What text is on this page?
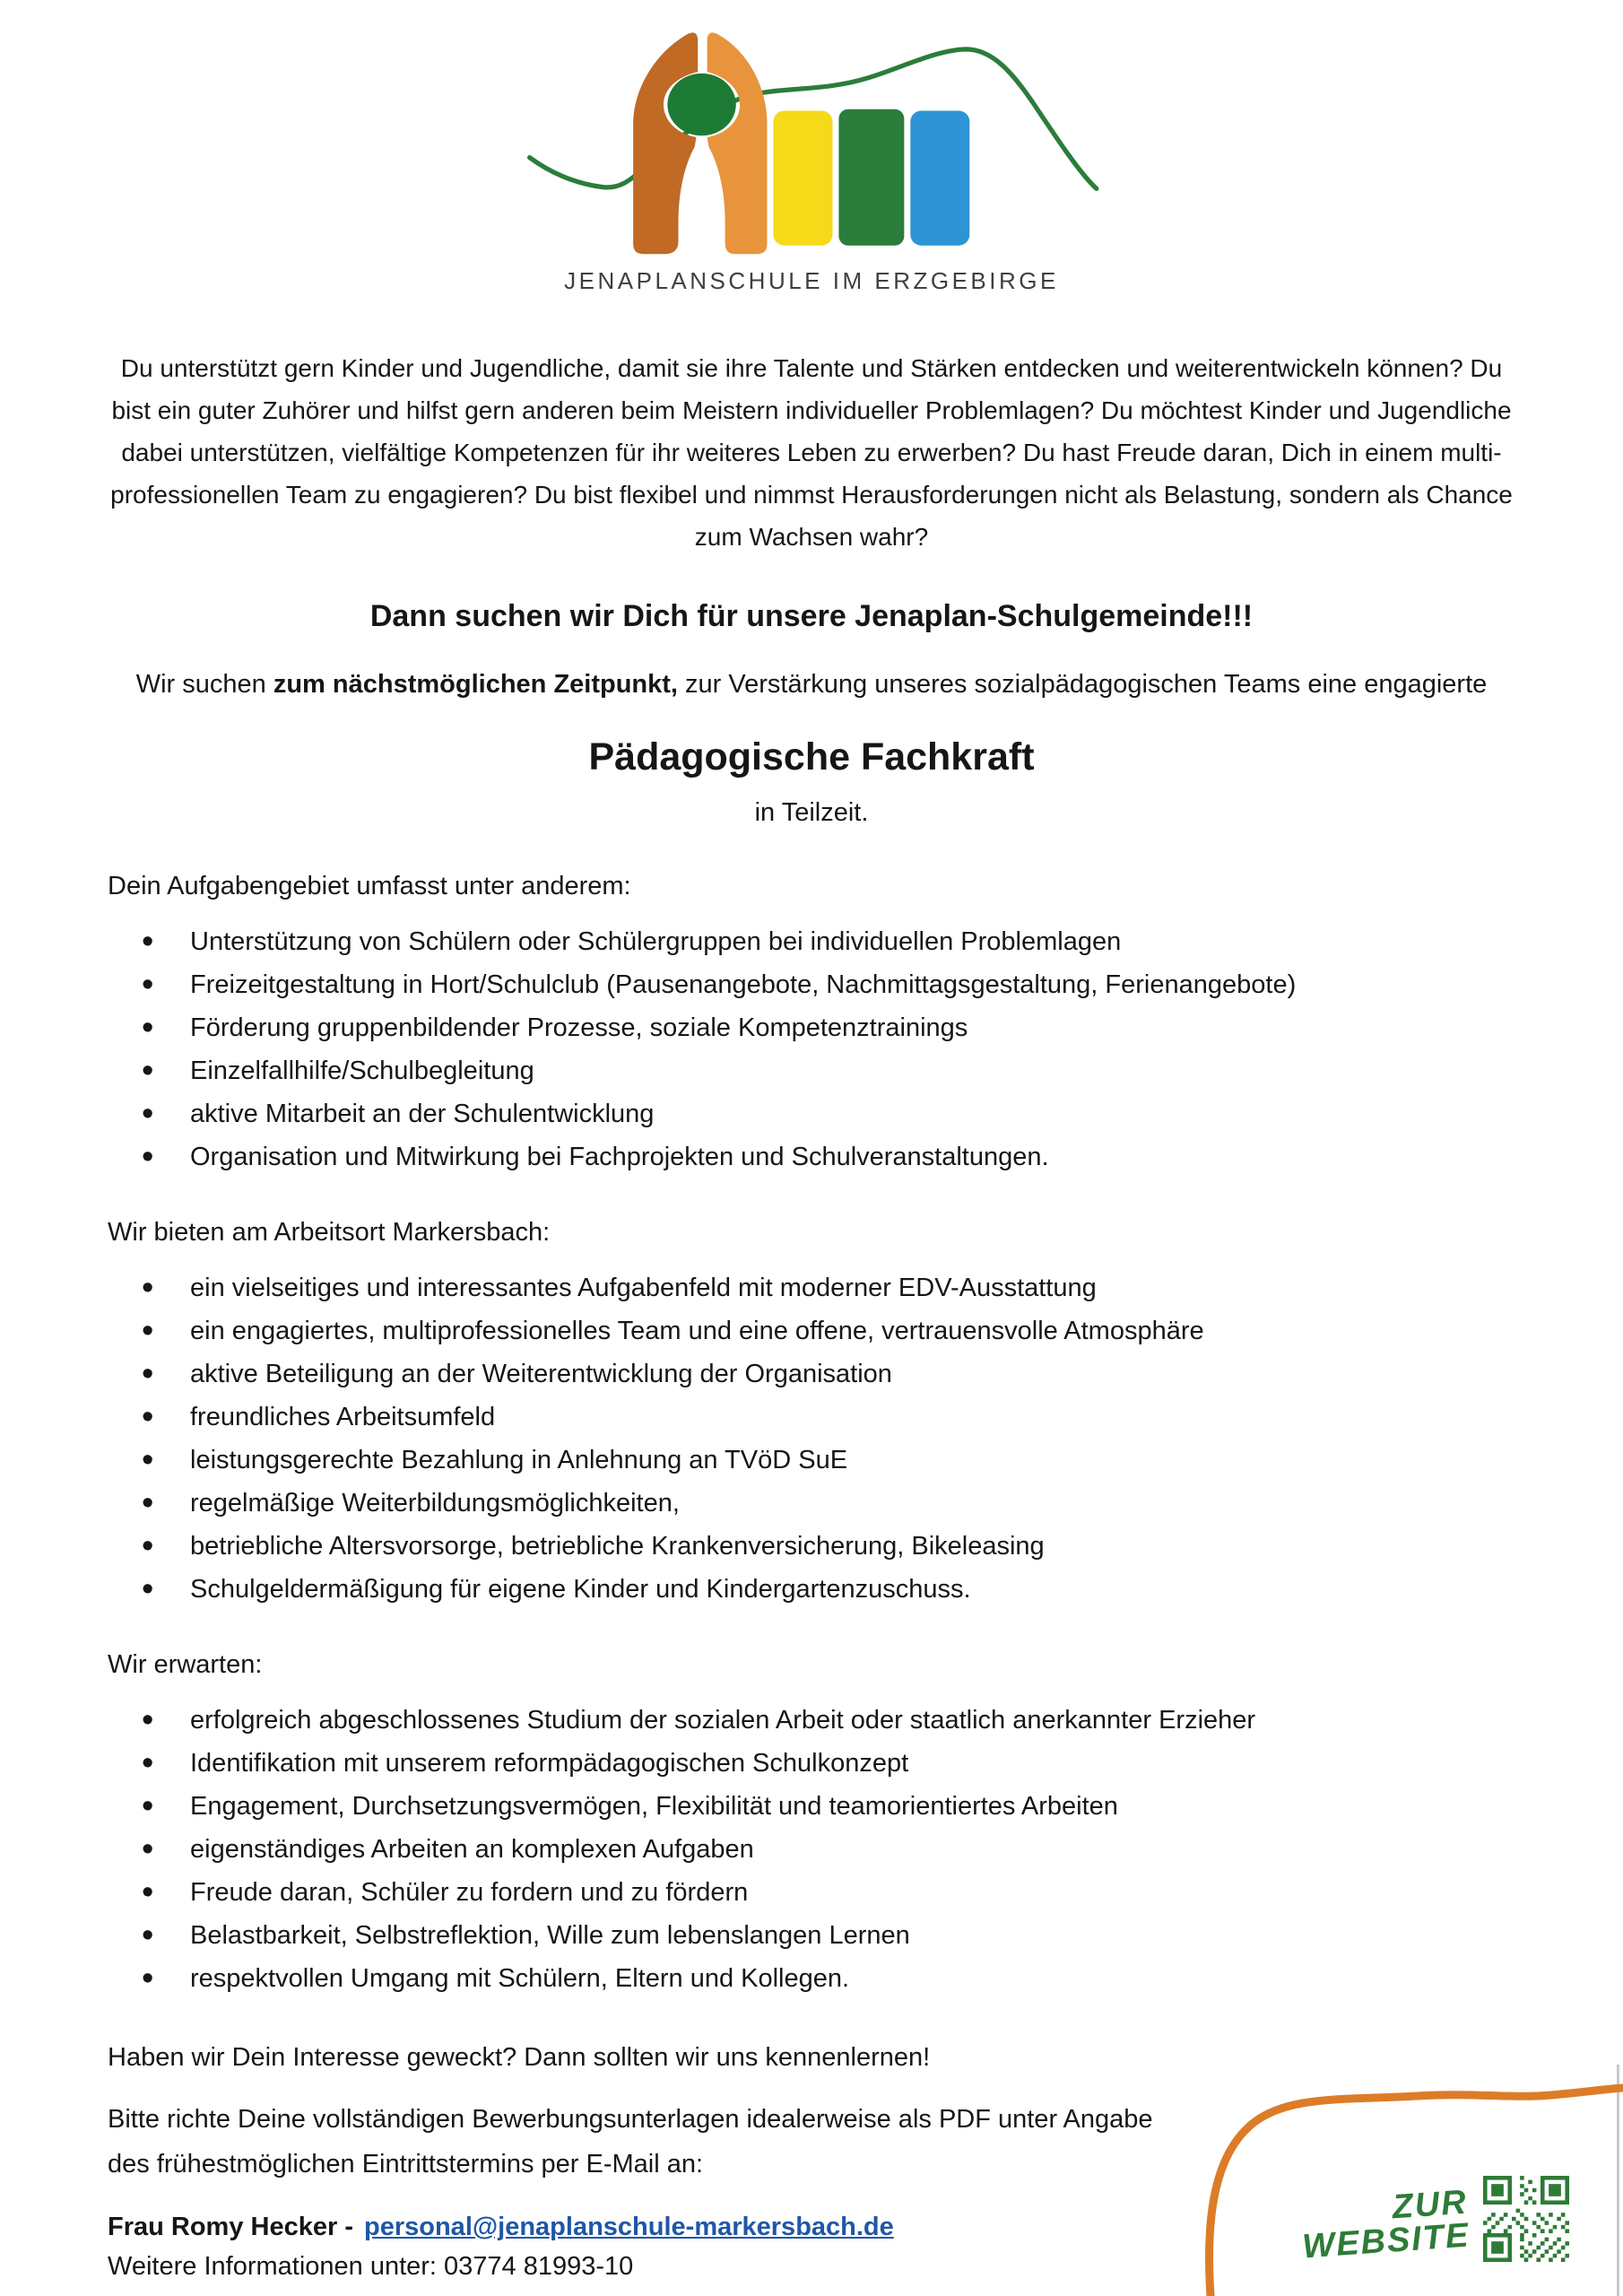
JENAPLANSCHULE IM ERZGEBIRGE
Du unterstützt gern Kinder und Jugendliche, damit sie ihre Talente und Stärken entdecken und weiterentwickeln können? Du
bist ein guter Zuhörer und hilfst gern anderen beim Meistern individueller Problemlagen? Du möchtest Kinder und Jugendliche
dabei unterstützen, vielfältige Kompetenzen für ihr weiteres Leben zu erwerben? Du hast Freude daran, Dich in einem multi-
professionellen Team zu engagieren? Du bist flexibel und nimmst Herausforderungen nicht als Belastung, sondern als Chance
zum Wachsen wahr?
Dann suchen wir Dich für unsere Jenaplan-Schulgemeinde!!!

Wir suchen zum nächstmöglichen Zeitpunkt, zur Verstärkung unseres sozialpädagogischen Teams eine engagierte

Pädagogische Fachkraft

in Teilzeit.

Dein Aufgabengebiet umfasst unter anderem:
• Unterstützung von Schülern oder Schülergruppen bei individuellen Problemlagen
• Freizeitgestaltung in Hort/Schulclub (Pausenangebote, Nachmittagsgestaltung, Ferienangebote)
• Förderung gruppenbildender Prozesse, soziale Kompetenztrainings
• Einzelfallhilfe/Schulbegleitung
• aktive Mitarbeit an der Schulentwicklung
• Organisation und Mitwirkung bei Fachprojekten und Schulveranstaltungen.
Wir bieten am Arbeitsort Markersbach:
• ein vielseitiges und interessantes Aufgabenfeld mit moderner EDV-Ausstattung
• ein engagiertes, multiprofessionelles Team und eine offene, vertrauensvolle Atmosphäre
• aktive Beteiligung an der Weiterentwicklung der Organisation
• freundliches Arbeitsumfeld
• leistungsgerechte Bezahlung in Anlehnung an TVöD SuE
• regelmäßige Weiterbildungsmöglichkeiten,
• betriebliche Altersvorsorge, betriebliche Krankenversicherung, Bikeleasing
• Schulgeldermäßigung für eigene Kinder und Kindergartenzuschuss.
Wir erwarten:
• erfolgreich abgeschlossenes Studium der sozialen Arbeit oder staatlich anerkannter Erzieher
• Identifikation mit unserem reformpädagogischen Schulkonzept
• Engagement, Durchsetzungsvermögen, Flexibilität und teamorientiertes Arbeiten
• eigenständiges Arbeiten an komplexen Aufgaben
• Freude daran, Schüler zu fordern und zu fördern
• Belastbarkeit, Selbstreflektion, Wille zum lebenslangen Lernen
• respektvollen Umgang mit Schülern, Eltern und Kollegen.

Haben wir Dein Interesse geweckt? Dann sollten wir uns kennenlernen!

Bitte richte Deine vollständigen Bewerbungsunterlagen idealerweise als PDF unter Angabe
des frühestmöglichen Eintrittstermins per E-Mail an:

Frau Romy Hecker - personal@jenaplanschule-markersbach.de

Weitere Informationen unter: 03774 81993-10

ZUR
WEBSITE
